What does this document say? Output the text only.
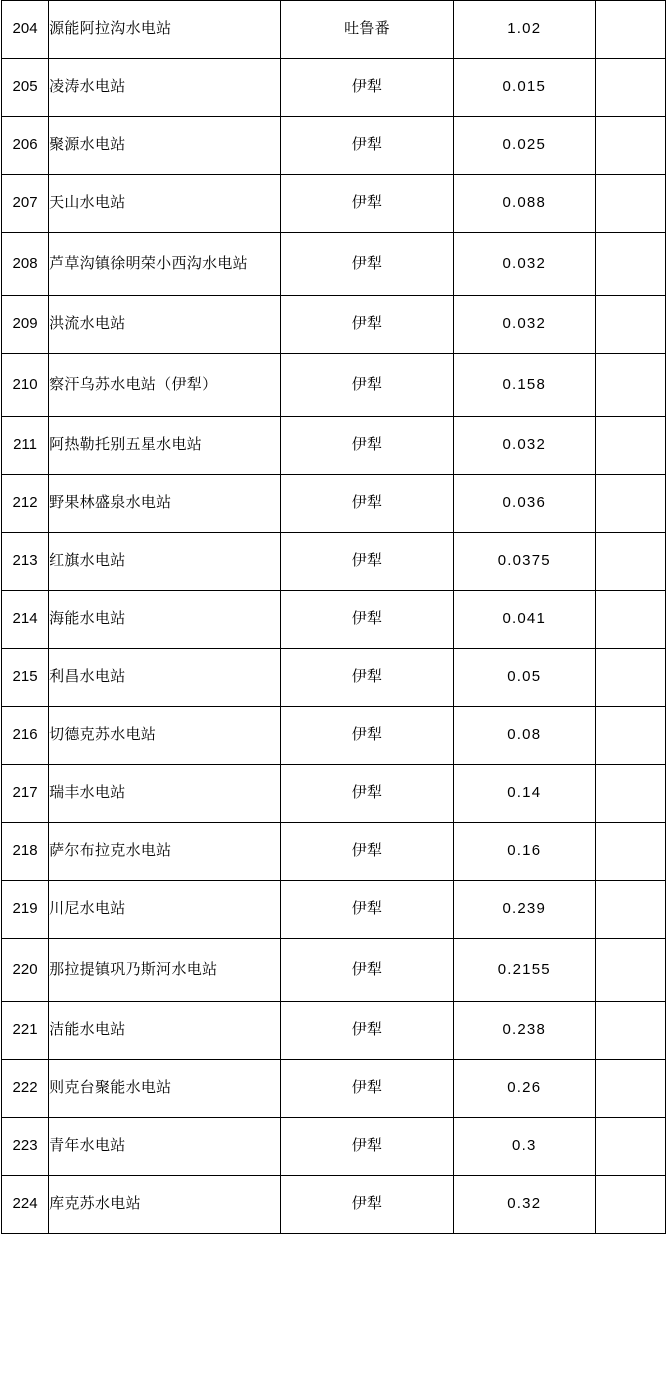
204	源能阿拉沟水电站	吐鲁番	1.02	
205	凌涛水电站	伊犁	0.015	
206	聚源水电站	伊犁	0.025	
207	天山水电站	伊犁	0.088	
208	芦草沟镇徐明荣小西沟水电站	伊犁	0.032	
209	洪流水电站	伊犁	0.032	
210	察汗乌苏水电站（伊犁）	伊犁	0.158	
211	阿热勒托别五星水电站	伊犁	0.032	
212	野果林盛泉水电站	伊犁	0.036	
213	红旗水电站	伊犁	0.0375	
214	海能水电站	伊犁	0.041	
215	利昌水电站	伊犁	0.05	
216	切德克苏水电站	伊犁	0.08	
217	瑞丰水电站	伊犁	0.14	
218	萨尔布拉克水电站	伊犁	0.16	
219	川尼水电站	伊犁	0.239	
220	那拉提镇巩乃斯河水电站	伊犁	0.2155	
221	洁能水电站	伊犁	0.238	
222	则克台聚能水电站	伊犁	0.26	
223	青年水电站	伊犁	0.3	
224	库克苏水电站	伊犁	0.32	
